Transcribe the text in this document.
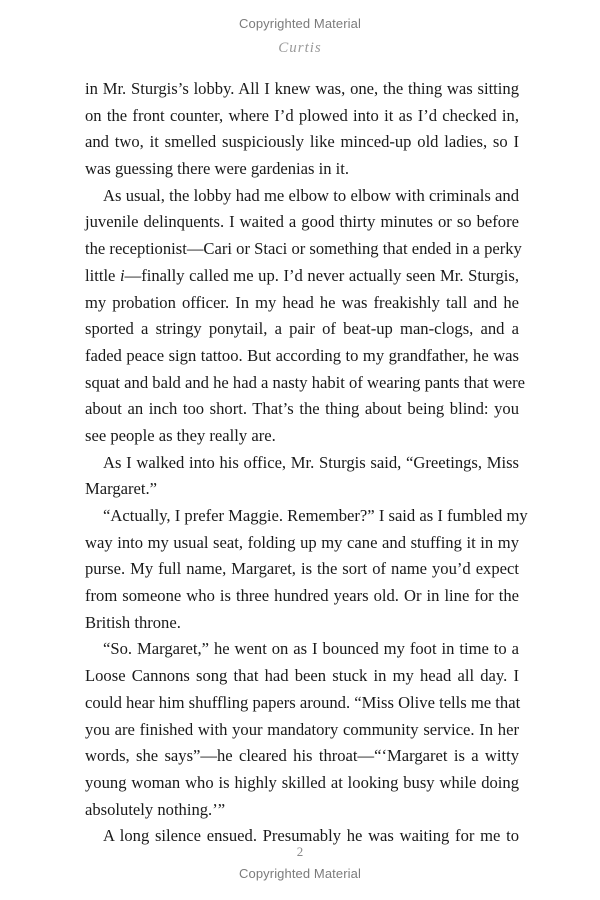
Copyrighted Material
Curtis
in Mr. Sturgis’s lobby. All I knew was, one, the thing was sitting
on the front counter, where I’d plowed into it as I’d checked in,
and two, it smelled suspiciously like minced-up old ladies, so I
was guessing there were gardenias in it.
As usual, the lobby had me elbow to elbow with criminals and
juvenile delinquents. I waited a good thirty minutes or so before
the receptionist—Cari or Staci or something that ended in a perky
little i—finally called me up. I’d never actually seen Mr. Sturgis,
my probation officer. In my head he was freakishly tall and he
sported a stringy ponytail, a pair of beat-up man-clogs, and a
faded peace sign tattoo. But according to my grandfather, he was
squat and bald and he had a nasty habit of wearing pants that were
about an inch too short. That’s the thing about being blind: you
see people as they really are.
As I walked into his office, Mr. Sturgis said, “Greetings, Miss
Margaret.”
“Actually, I prefer Maggie. Remember?” I said as I fumbled my
way into my usual seat, folding up my cane and stuffing it in my
purse. My full name, Margaret, is the sort of name you’d expect
from someone who is three hundred years old. Or in line for the
British throne.
“So. Margaret,” he went on as I bounced my foot in time to a
Loose Cannons song that had been stuck in my head all day. I
could hear him shuffling papers around. “Miss Olive tells me that
you are finished with your mandatory community service. In her
words, she says”—he cleared his throat—“‘Margaret is a witty
young woman who is highly skilled at looking busy while doing
absolutely nothing.’”
A long silence ensued. Presumably he was waiting for me to
2
Copyrighted Material
